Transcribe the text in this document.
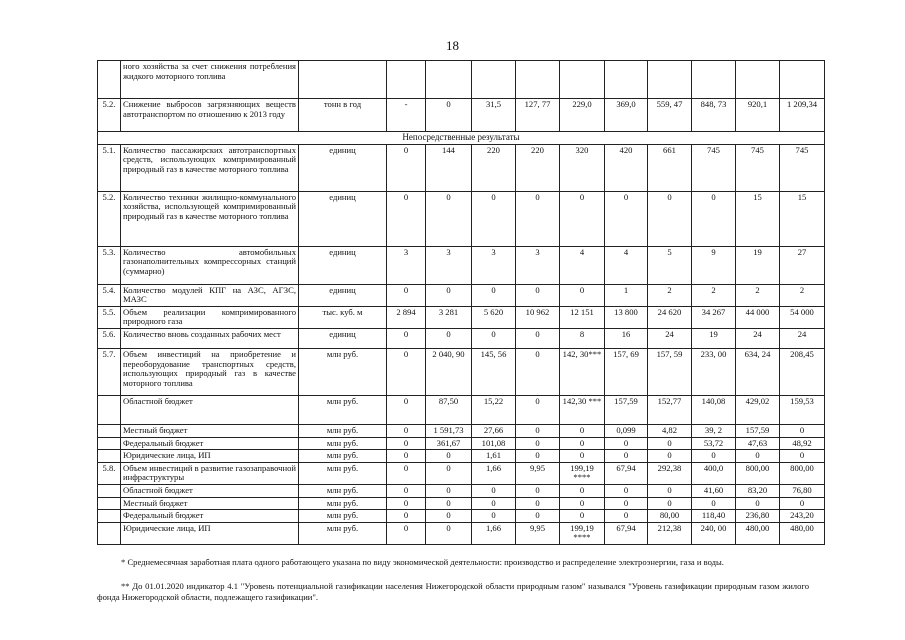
18
	ного хозяйства за счет снижения потребления жидкого моторного топлива											
5.2.	Снижение выбросов загрязняющих веществ автотранспортом по отношению к 2013 году	тонн в год	-	0	31,5	127, 77	229,0	369,0	559, 47	848, 73	920,1	1 209,34
Непосредственные результаты												
5.1.	Количество пассажирских автотранспортных средств, использующих компримированный природный газ в качестве моторного топлива	единиц	0	144	220	220	320	420	661	745	745	745
5.2.	Количество техники жилищно-коммунального хозяйства, использующей компримированный природный газ в качестве моторного топлива	единиц	0	0	0	0	0	0	0	0	15	15
5.3.	Количество автомобильных газонаполнительных компрессорных станций (суммарно)	единиц	3	3	3	3	4	4	5	9	19	27
5.4.	Количество модулей КПГ на АЗС, АГЗС, МАЗС	единиц	0	0	0	0	0	1	2	2	2	2
5.5.	Объем реализации компримированного природного газа	тыс. куб. м	2 894	3 281	5 620	10 962	12 151	13 800	24 620	34 267	44 000	54 000
5.6.	Количество вновь созданных рабочих мест	единиц	0	0	0	0	8	16	24	19	24	24
5.7.	Объем инвестиций на приобретение и переоборудование транспортных средств, использующих природный газ в качестве моторного топлива	млн руб.	0	2 040, 90	145, 56	0	142, 30***	157, 69	157, 59	233, 00	634, 24	208,45
	Областной бюджет	млн руб.	0	87,50	15,22	0	142,30 ***	157,59	152,77	140,08	429,02	159,53
	Местный бюджет	млн руб.	0	1 591,73	27,66	0	0	0,099	4,82	39, 2	157,59	0
	Федеральный бюджет	млн руб.	0	361,67	101,08	0	0	0	0	53,72	47,63	48,92
	Юридические лица, ИП	млн руб.	0	0	1,61	0	0	0	0	0	0	0
5.8.	Объем инвестиций в развитие газозаправочной инфраструктуры	млн руб.	0	0	1,66	9,95	199,19 ****	67,94	292,38	400,0	800,00	800,00
	Областной бюджет	млн руб.	0	0	0	0	0	0	0	41,60	83,20	76,80
	Местный бюджет	млн руб.	0	0	0	0	0	0	0	0	0	0
	Федеральный бюджет	млн руб.	0	0	0	0	0	0	80,00	118,40	236,80	243,20
	Юридические лица, ИП	млн руб.	0	0	1,66	9,95	199,19 ****	67,94	212,38	240, 00	480,00	480,00
* Среднемесячная заработная плата одного работающего указана по виду экономической деятельности: производство и распределение электроэнергии, газа и воды.
** До 01.01.2020 индикатор 4.1 "Уровень потенциальной газификации населения Нижегородской области природным газом" назывался "Уровень газификации природным газом жилого фонда Нижегородской области, подлежащего газификации".
